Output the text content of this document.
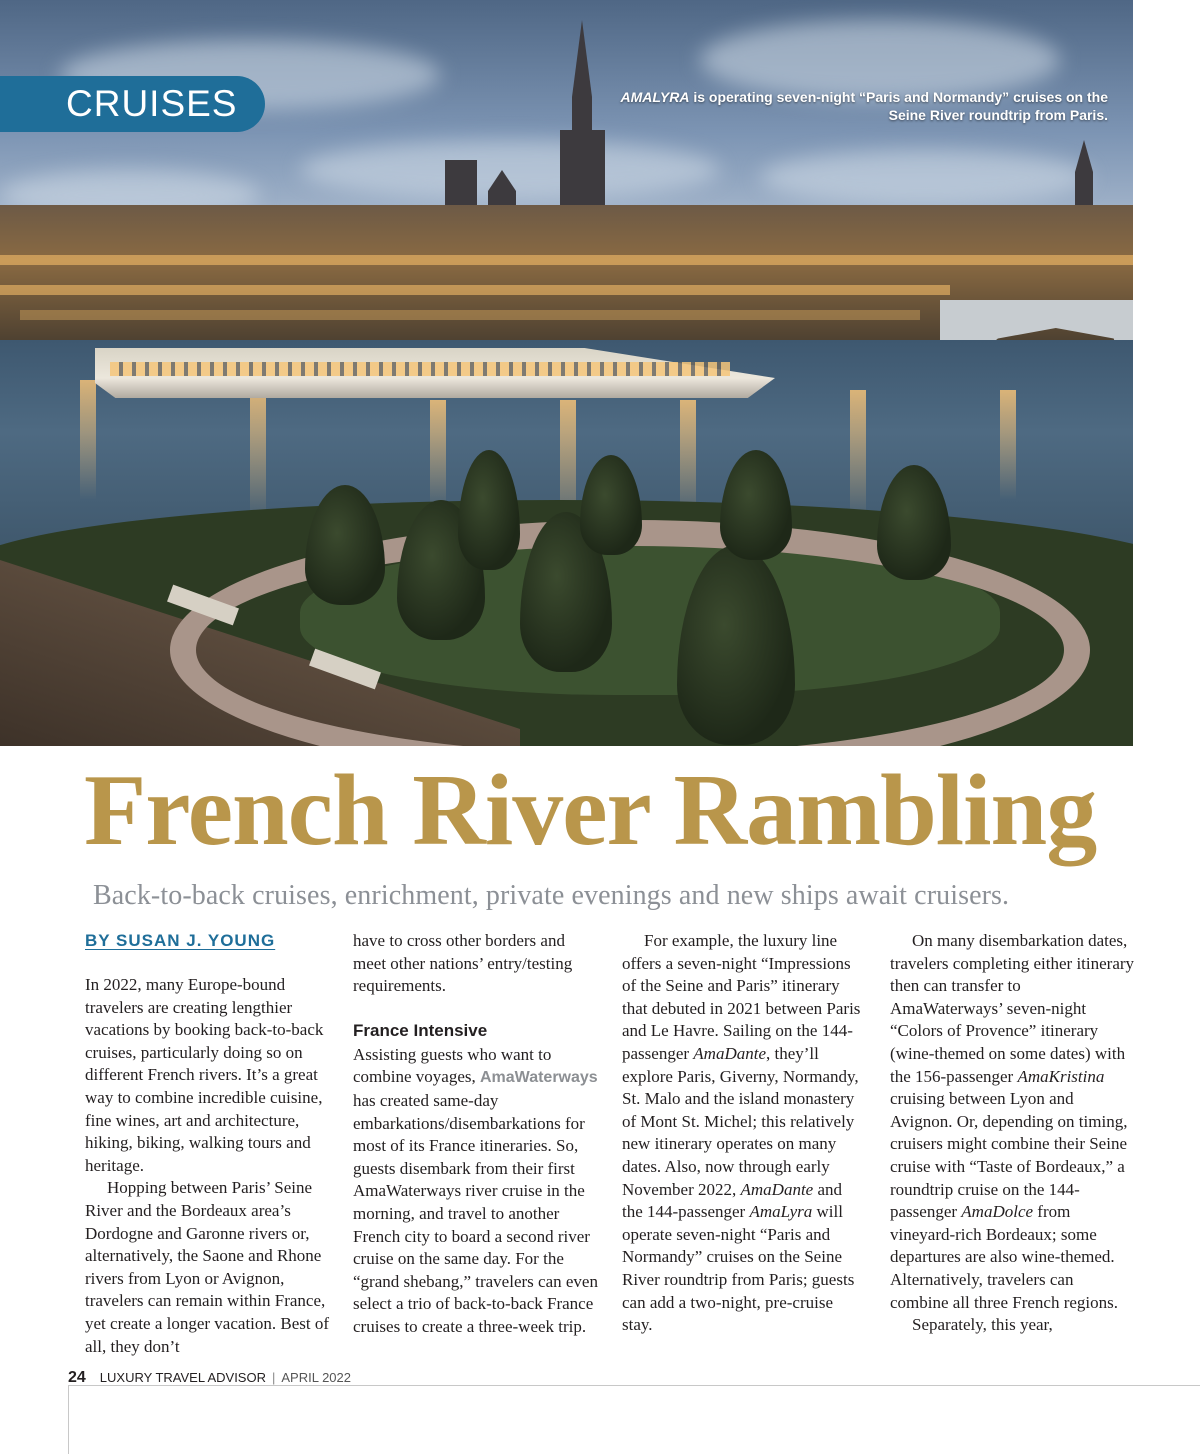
AMALYRA is operating seven-night “Paris and Normandy” cruises on the Seine River roundtrip from Paris.
CRUISES
French River Rambling
Back-to-back cruises, enrichment, private evenings and new ships await cruisers.
BY SUSAN J. YOUNG

In 2022, many Europe-bound travelers are creating lengthier vacations by booking back-to-back cruises, particularly doing so on different French rivers. It’s a great way to combine incredible cuisine, fine wines, art and architecture, hiking, biking, walking tours and heritage.

Hopping between Paris’ Seine River and the Bordeaux area’s Dordogne and Garonne rivers or, alternatively, the Saone and Rhone rivers from Lyon or Avignon, travelers can remain within France, yet create a longer vacation. Best of all, they don’t

have to cross other borders and meet other nations’ entry/testing requirements.

France Intensive

Assisting guests who want to combine voyages, AmaWaterways has created same-day embarkations/disembarkations for most of its France itineraries. So, guests disembark from their first AmaWaterways river cruise in the morning, and travel to another French city to board a second river cruise on the same day. For the “grand shebang,” travelers can even select a trio of back-to-back France cruises to create a three-week trip.

For example, the luxury line offers a seven-night “Impressions of the Seine and Paris” itinerary that debuted in 2021 between Paris and Le Havre. Sailing on the 144-passenger AmaDante, they’ll explore Paris, Giverny, Normandy, St. Malo and the island monastery of Mont St. Michel; this relatively new itinerary operates on many dates. Also, now through early November 2022, AmaDante and the 144-passenger AmaLyra will operate seven-night “Paris and Normandy” cruises on the Seine River roundtrip from Paris; guests can add a two-night, pre-cruise stay.

On many disembarkation dates, travelers completing either itinerary then can transfer to AmaWaterways’ seven-night “Colors of Provence” itinerary (wine-themed on some dates) with the 156-passenger AmaKristina cruising between Lyon and Avignon. Or, depending on timing, cruisers might combine their Seine cruise with “Taste of Bordeaux,” a roundtrip cruise on the 144-passenger AmaDolce from vineyard-rich Bordeaux; some departures are also wine-themed. Alternatively, travelers can combine all three French regions.

Separately, this year,

24 LUXURY TRAVEL ADVISOR | APRIL 2022
